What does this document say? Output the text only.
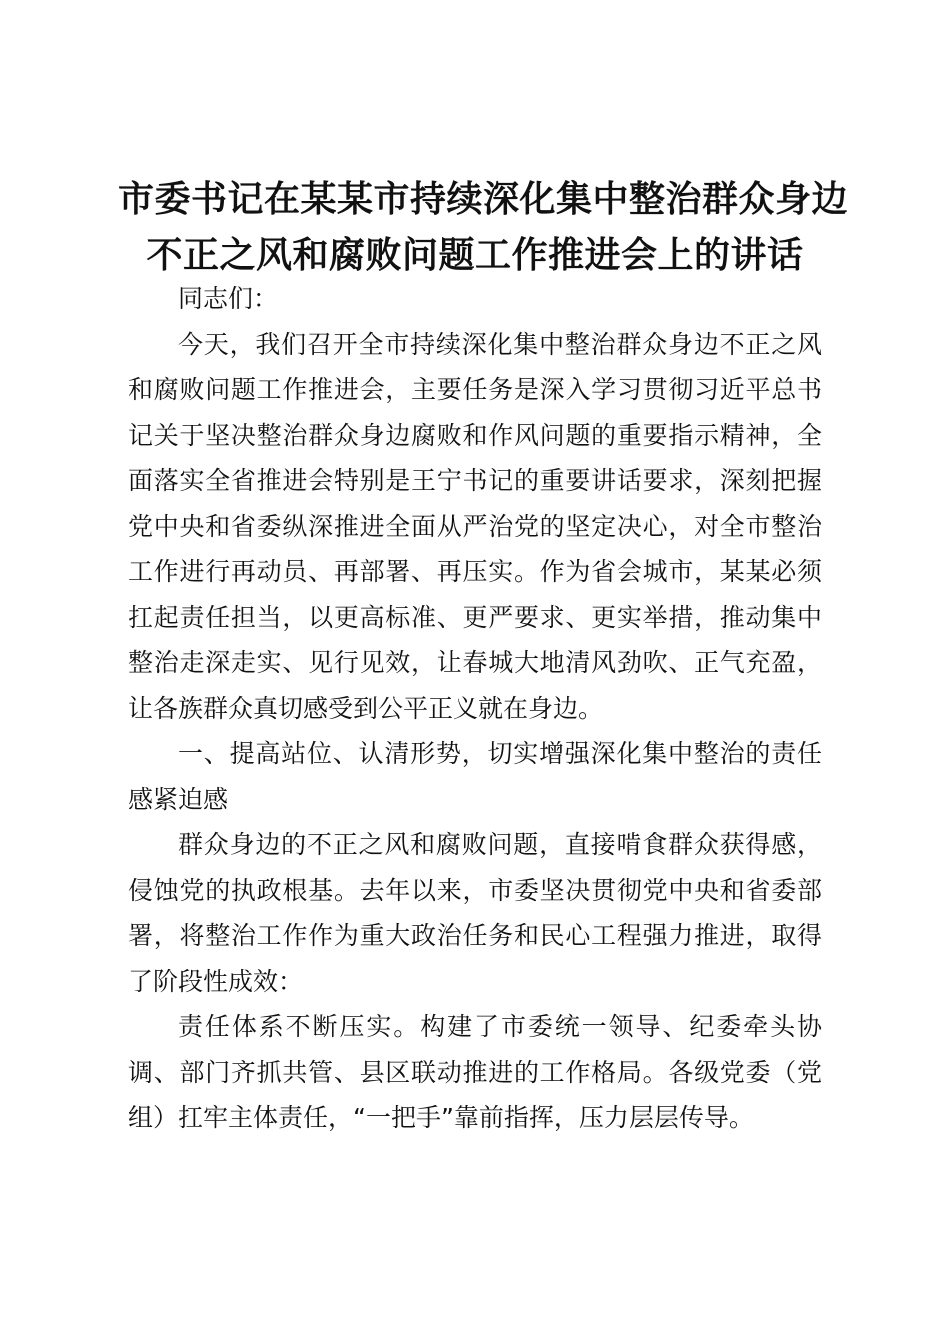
市委书记在某某市持续深化集中整治群众身边
不正之风和腐败问题工作推进会上的讲话

同志们：

今天，我们召开全市持续深化集中整治群众身边不正之风和腐败问题工作推进会，主要任务是深入学习贯彻习近平总书记关于坚决整治群众身边腐败和作风问题的重要指示精神，全面落实全省推进会特别是王宁书记的重要讲话要求，深刻把握党中央和省委纵深推进全面从严治党的坚定决心，对全市整治工作进行再动员、再部署、再压实。作为省会城市，某某必须扛起责任担当，以更高标准、更严要求、更实举措，推动集中整治走深走实、见行见效，让春城大地清风劲吹、正气充盈，让各族群众真切感受到公平正义就在身边。

一、提高站位、认清形势，切实增强深化集中整治的责任感紧迫感

群众身边的不正之风和腐败问题，直接啃食群众获得感，侵蚀党的执政根基。去年以来，市委坚决贯彻党中央和省委部署，将整治工作作为重大政治任务和民心工程强力推进，取得了阶段性成效：

责任体系不断压实。构建了市委统一领导、纪委牵头协调、部门齐抓共管、县区联动推进的工作格局。各级党委（党组）扛牢主体责任，“一把手”靠前指挥，压力层层传导。
